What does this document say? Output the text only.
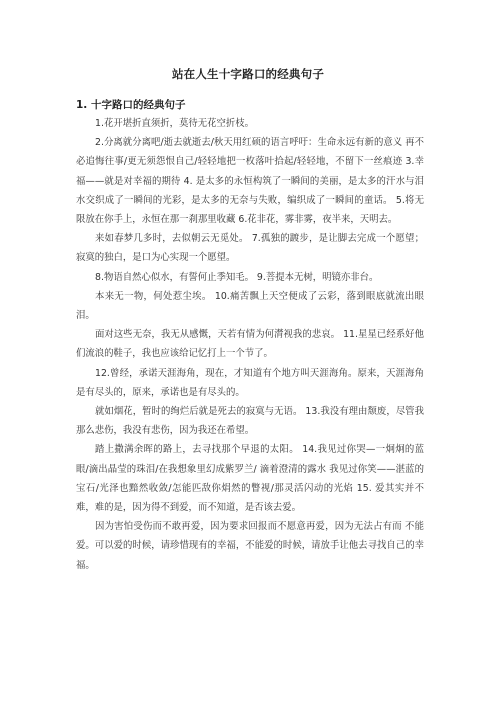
站在人生十字路口的经典句子
1. 十字路口的经典句子

1.花开堪折直须折，莫待无花空折枝。

2.分离就分离吧/逝去就逝去/秋天用红硕的语言呼吁：生命永远有新的意义 再不必追悔往事/更无须怨恨自己/轻轻地把一枚落叶拾起/轻轻地，不留下一丝痕迹 3.幸福——就是对幸福的期待 4. 是太多的永恒构筑了一瞬间的美丽，是太多的汗水与泪水交织成了一瞬间的光彩，是太多的无奈与失败，编织成了一瞬间的童话。 5.将无限放在你手上，永恒在那一刹那里收藏 6.花非花，雾非雾，夜半来，天明去。

来如春梦几多时，去似朝云无觅处。 7.孤独的踱步，是让脚去完成一个愿望；寂寞的独白，是口为心实现一个愿望。

8.物语自然心似水，有誓何止季知毛。 9.菩提本无树，明镜亦非台。

本来无一物，何处惹尘埃。 10.痛苦飘上天空便成了云彩，落到眼底就流出眼泪。

面对这些无奈，我无从感慨，天若有情为何潸视我的悲哀。 11.星星已经系好他们流浪的鞋子，我也应该给记忆打上一个节了。

12.曾经，承诺天涯海角，现在，才知道有个地方叫天涯海角。原来，天涯海角是有尽头的，原来，承诺也是有尽头的。

就如烟花，暂时的绚烂后就是死去的寂寞与无语。 13.我没有理由颓废，尽管我那么悲伤，我没有悲伤，因为我还在希望。

踏上撒满余晖的路上，去寻找那个早退的太阳。 14.我见过你哭—一炯炯的蓝眼/滴出晶莹的珠泪/在我想象里幻成紫罗兰/ 滴着澄清的露水 我见过你笑——湛蓝的宝石/光泽也黯然收敛/怎能匹敌你焆然的瞥视/那灵活闪动的光焰 15. 爱其实并不难，难的是，因为得不到爱，而不知道，是否该去爱。

因为害怕受伤而不敢再爱，因为要求回报而不愿意再爱，因为无法占有而 不能爱。可以爱的时候，请珍惜现有的幸福，不能爱的时候，请放手让他去寻找自己的幸福。
